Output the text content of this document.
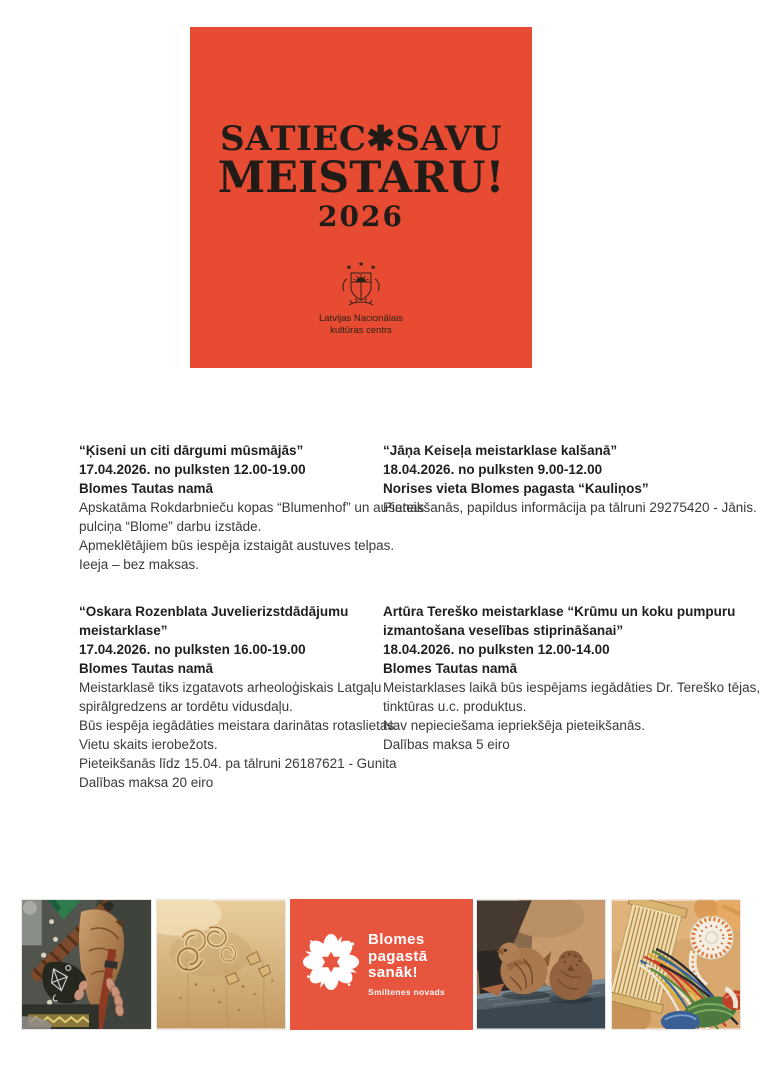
SATIEC✱SAVU
MEISTARU!
2026
Latvijas Nacionālais
kultūras centrs
“Ķiseni un citi dārgumi mūsmājās”
17.04.2026. no pulksten 12.00-19.00
Blomes Tautas namā
Apskatāma Rokdarbnieču kopas “Blumenhof” un aušanas
pulciņa “Blome” darbu izstāde.
Apmeklētājiem būs iespēja izstaigāt austuves telpas.
Ieeja – bez maksas.
“Jāņa Keiseļa meistarklase kalšanā”
18.04.2026. no pulksten 9.00-12.00
Norises vieta Blomes pagasta “Kauliņos”
Pieteikšanās, papildus informācija pa tālruni 29275420 - Jānis.
“Oskara Rozenblata Juvelierizstdādājumu
meistarklase”
17.04.2026. no pulksten 16.00-19.00
Blomes Tautas namā
Meistarklasē tiks izgatavots arheoloģiskais Latgaļu
spirālgredzens ar tordētu vidusdaļu.
Būs iespēja iegādāties meistara darinātas rotaslietas.
Vietu skaits ierobežots.
Pieteikšanās līdz 15.04. pa tālruni 26187621 - Gunita
Dalības maksa 20 eiro
Artūra Tereško meistarklase “Krūmu un koku pumpuru
izmantošana veselības stiprināšanai”
18.04.2026. no pulksten 12.00-14.00
Blomes Tautas namā
Meistarklases laikā būs iespējams iegādāties Dr. Tereško tējas,
tinktūras u.c. produktus.
Nav nepieciešama iepriekšēja pieteikšanās.
Dalības maksa 5 eiro
Blomes pagastā
sanāk!
Smiltenes novads
